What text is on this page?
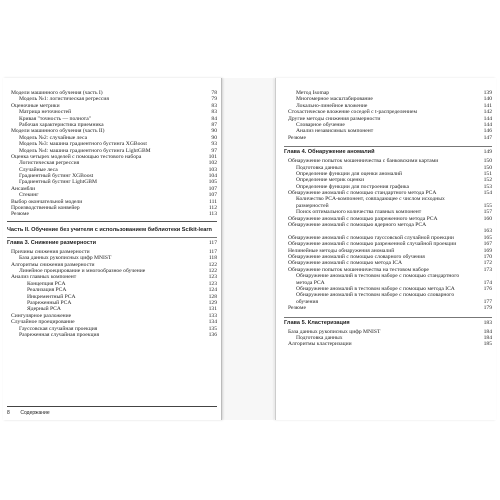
Модели машинного обучения (часть I)	78
Модель №1: логистическая регрессия	79
Оценочные метрики	83
Матрица неточностей	83
Кривая "точность — полнота"	84
Рабочая характеристика приемника	87
Модели машинного обучения (часть II)	90
Модель №2: случайные леса	90
Модель №3: машина градиентного бустинга XGBoost	93
Модель №4: машина градиентного бустинга LightGBM	97
Оценка четырех моделей с помощью тестового набора	101
Логистическая регрессия	102
Случайные леса	103
Градиентный бустинг XGBoost	104
Градиентный бустинг LightGBM	105
Ансамбли	107
Стекинг	107
Выбор окончательной модели	111
Производственный конвейер	112
Резюме	113
Часть II. Обучение без учителя с использованием библиотеки Scikit-learn
Глава 3. Снижение размерности	117
Причины снижения размерности	117
База данных рукописных цифр MNIST	118
Алгоритмы снижения размерности	122
Линейное проецирование и многообразное обучение	122
Анализ главных компонент	123
Концепция PCA	123
Реализация PCA	124
Инкрементный PCA	128
Разреженный PCA	129
Ядерный PCA	131
Сингулярное разложение	133
Случайное проецирование	134
Гауссовская случайная проекция	135
Разреженная случайная проекция	136
8 Содержание
Метод Isomap	139
Многомерное масштабирование	140
Локально-линейное вложение	141
Стохастическое вложение соседей с t-распределением	142
Другие методы снижения размерности	144
Словарное обучение	144
Анализ независимых компонент	146
Резюме	147
Глава 4. Обнаружение аномалий	149
Обнаружение попыток мошенничества с банковскими картами	150
Подготовка данных	150
Определение функции для оценки аномалий	151
Определение метрик оценки	152
Определение функции для построения графика	153
Обнаружение аномалий с помощью стандартного метода PCA	154
Количество PCA-компонент, совпадающее с числом исходных размерностей	155
Поиск оптимального количества главных компонент	157
Обнаружение аномалий с помощью разреженного метода PCA	160
Обнаружение аномалий с помощью ядерного метода PCA
163
Обнаружение аномалий с помощью гауссовской случайной проекции	165
Обнаружение аномалий с помощью разреженной случайной проекции	167
Нелинейные методы обнаружения аномалий	169
Обнаружение аномалий с помощью словарного обучения	170
Обнаружение аномалий с помощью метода ICA	172
Обнаружение попыток мошенничества на тестовом наборе	173
Обнаружение аномалий в тестовом наборе с помощью стандартного метода PCA	174
Обнаружение аномалий в тестовом наборе с помощью метода ICA	176
Обнаружение аномалий в тестовом наборе с помощью словарного обучения	177
Резюме	179
Глава 5. Кластеризация	183
База данных рукописных цифр MNIST	184
Подготовка данных	184
Алгоритмы кластеризации	185
